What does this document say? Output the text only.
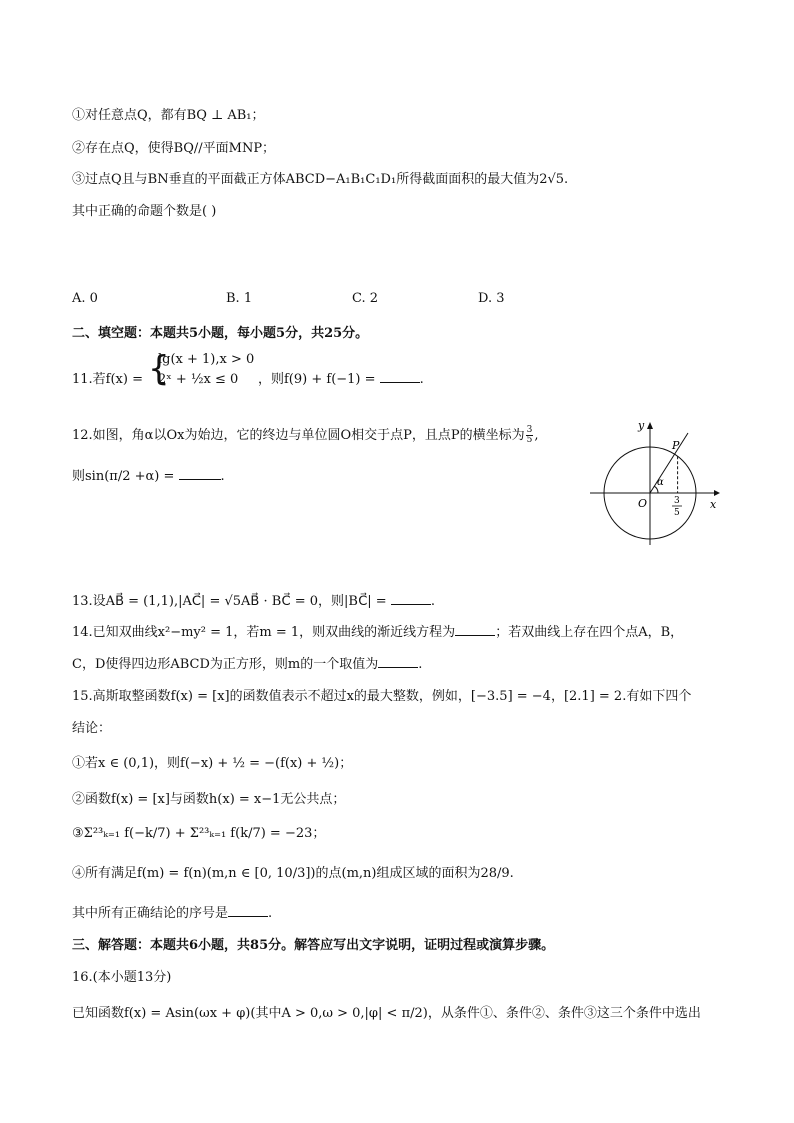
①对任意点Q，都有BQ ⊥ AB₁；
②存在点Q，使得BQ//平面MNP；
③过点Q且与BN垂直的平面截正方体ABCD−A₁B₁C₁D₁所得截面面积的最大值为2√5.
其中正确的命题个数是( )
A. 0	B. 1	C. 2	D. 3
二、填空题：本题共5小题，每小题5分，共25分。
11.若f(x) = {
lg(x + 1),x > 0
2ˣ + ½x ≤ 0 ，则f(9) + f(−1) =	.
12.如图，角α以Ox为始边，它的终边与单位圆O相交于点P，且点P的横坐标为 $\frac{3}{5}$ ,
则sin(π/2 +α) =	.
y
x
P
O
α
3
5
13.设AB⃗ = (1,1),|AC⃗| = √5AB⃗ · BC⃗ = 0，则|BC⃗| =	.
14.已知双曲线x²−my² = 1，若m = 1，则双曲线的渐近线方程为	；若双曲线上存在四个点A，B，
C，D使得四边形ABCD为正方形，则m的一个取值为	.
15.高斯取整函数f(x) = [x]的函数值表示不超过x的最大整数，例如，[−3.5] = −4，[2.1] = 2.有如下四个
结论：
①若x ∈ (0,1)，则f(−x) + ½ = −(f(x) + ½)；
②函数f(x) = [x]与函数h(x) = x−1无公共点；
③Σ²³ₖ₌₁ f(−k/7) + Σ²³ₖ₌₁ f(k/7) = −23；
④所有满足f(m) = f(n)(m,n ∈ [0, 10/3])的点(m,n)组成区域的面积为28/9.
其中所有正确结论的序号是	.
三、解答题：本题共6小题，共85分。解答应写出文字说明，证明过程或演算步骤。
16.(本小题13分)
已知函数f(x) = Asin(ωx + φ)(其中A > 0,ω > 0,|φ| < π/2)，从条件①、条件②、条件③这三个条件中选出
